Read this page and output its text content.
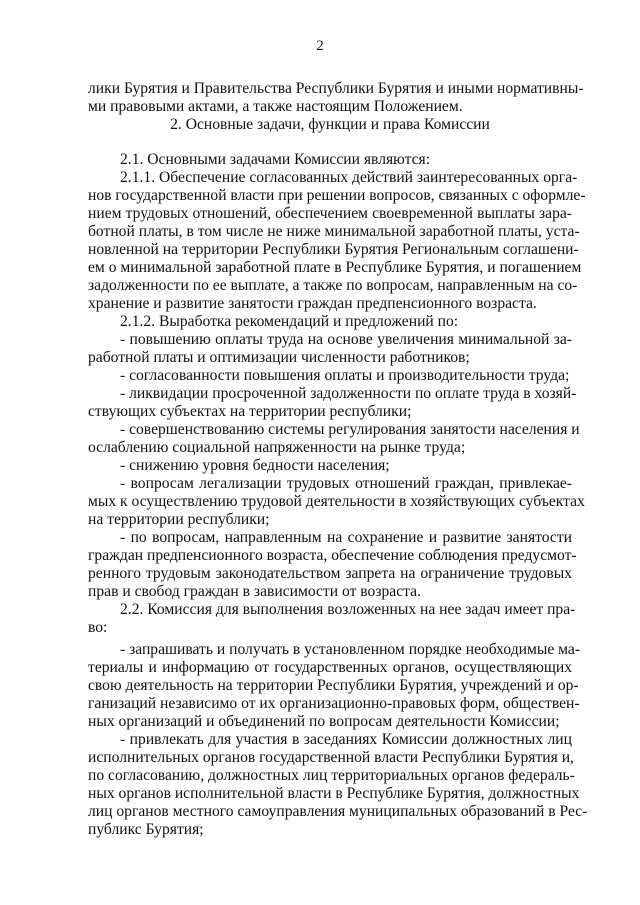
2
лики Бурятия и Правительства Республики Бурятия и иными нормативны-
ми правовыми актами, а также настоящим Положением.
2. Основные задачи, функции и права Комиссии
2.1. Основными задачами Комиссии являются:
2.1.1. Обеспечение согласованных действий заинтересованных орга-
нов государственной власти при решении вопросов, связанных с оформле-
нием трудовых отношений, обеспечением своевременной выплаты зара-
ботной платы, в том числе не ниже минимальной заработной платы, уста-
новленной на территории Республики Бурятия Региональным соглашени-
ем о минимальной заработной плате в Республике Бурятия, и погашением
задолженности по ее выплате, а также по вопросам, направленным на со-
хранение и развитие занятости граждан предпенсионного возраста.
2.1.2. Выработка рекомендаций и предложений по:
- повышению оплаты труда на основе увеличения минимальной за-
работной платы и оптимизации численности работников;
- согласованности повышения оплаты и производительности труда;
- ликвидации просроченной задолженности по оплате труда в хозяй-
ствующих субъектах на территории республики;
- совершенствованию системы регулирования занятости населения и
ослаблению социальной напряженности на рынке труда;
- снижению уровня бедности населения;
- вопросам легализации трудовых отношений граждан, привлекае-
мых к осуществлению трудовой деятельности в хозяйствующих субъектах
на территории республики;
- по вопросам, направленным на сохранение и развитие занятости
граждан предпенсионного возраста, обеспечение соблюдения предусмот-
ренного трудовым законодательством запрета на ограничение трудовых
прав и свобод граждан в зависимости от возраста.
2.2. Комиссия для выполнения возложенных на нее задач имеет пра-
во:
- запрашивать и получать в установленном порядке необходимые ма-
териалы и информацию от государственных органов, осуществляющих
свою деятельность на территории Республики Бурятия, учреждений и ор-
ганизаций независимо от их организационно-правовых форм, обществен-
ных организаций и объединений по вопросам деятельности Комиссии;
- привлекать для участия в заседаниях Комиссии должностных лиц
исполнительных органов государственной власти Республики Бурятия и,
по согласованию, должностных лиц территориальных органов федераль-
ных органов исполнительной власти в Республике Бурятия, должностных
лиц органов местного самоуправления муниципальных образований в Рес-
публикс Бурятия;
